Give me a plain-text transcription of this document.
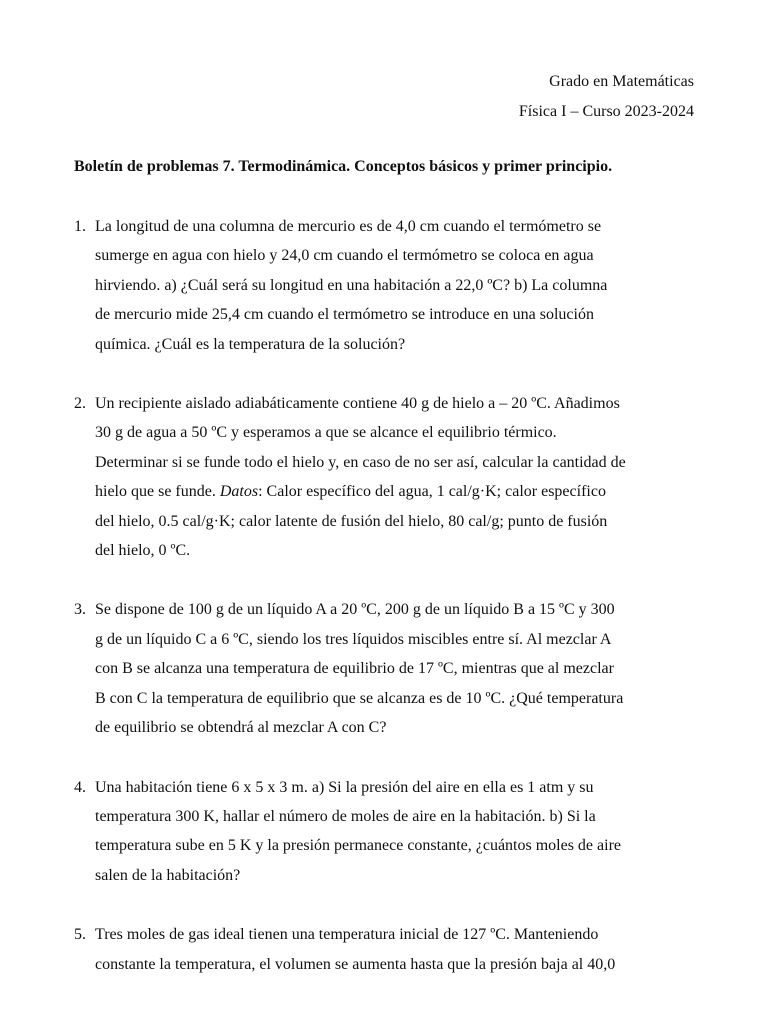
Grado en Matemáticas
Física I – Curso 2023-2024
Boletín de problemas 7. Termodinámica. Conceptos básicos y primer principio.
1. La longitud de una columna de mercurio es de 4,0 cm cuando el termómetro se
sumerge en agua con hielo y 24,0 cm cuando el termómetro se coloca en agua
hirviendo. a) ¿Cuál será su longitud en una habitación a 22,0 ºC? b) La columna
de mercurio mide 25,4 cm cuando el termómetro se introduce en una solución
química. ¿Cuál es la temperatura de la solución?
2. Un recipiente aislado adiabáticamente contiene 40 g de hielo a – 20 ºC. Añadimos
30 g de agua a 50 ºC y esperamos a que se alcance el equilibrio térmico.
Determinar si se funde todo el hielo y, en caso de no ser así, calcular la cantidad de
hielo que se funde. Datos: Calor específico del agua, 1 cal/g·K; calor específico
del hielo, 0.5 cal/g·K; calor latente de fusión del hielo, 80 cal/g; punto de fusión
del hielo, 0 ºC.
3. Se dispone de 100 g de un líquido A a 20 ºC, 200 g de un líquido B a 15 ºC y 300
g de un líquido C a 6 ºC, siendo los tres líquidos miscibles entre sí. Al mezclar A
con B se alcanza una temperatura de equilibrio de 17 ºC, mientras que al mezclar
B con C la temperatura de equilibrio que se alcanza es de 10 ºC. ¿Qué temperatura
de equilibrio se obtendrá al mezclar A con C?
4. Una habitación tiene 6 x 5 x 3 m. a) Si la presión del aire en ella es 1 atm y su
temperatura 300 K, hallar el número de moles de aire en la habitación. b) Si la
temperatura sube en 5 K y la presión permanece constante, ¿cuántos moles de aire
salen de la habitación?
5. Tres moles de gas ideal tienen una temperatura inicial de 127 ºC. Manteniendo
constante la temperatura, el volumen se aumenta hasta que la presión baja al 40,0
